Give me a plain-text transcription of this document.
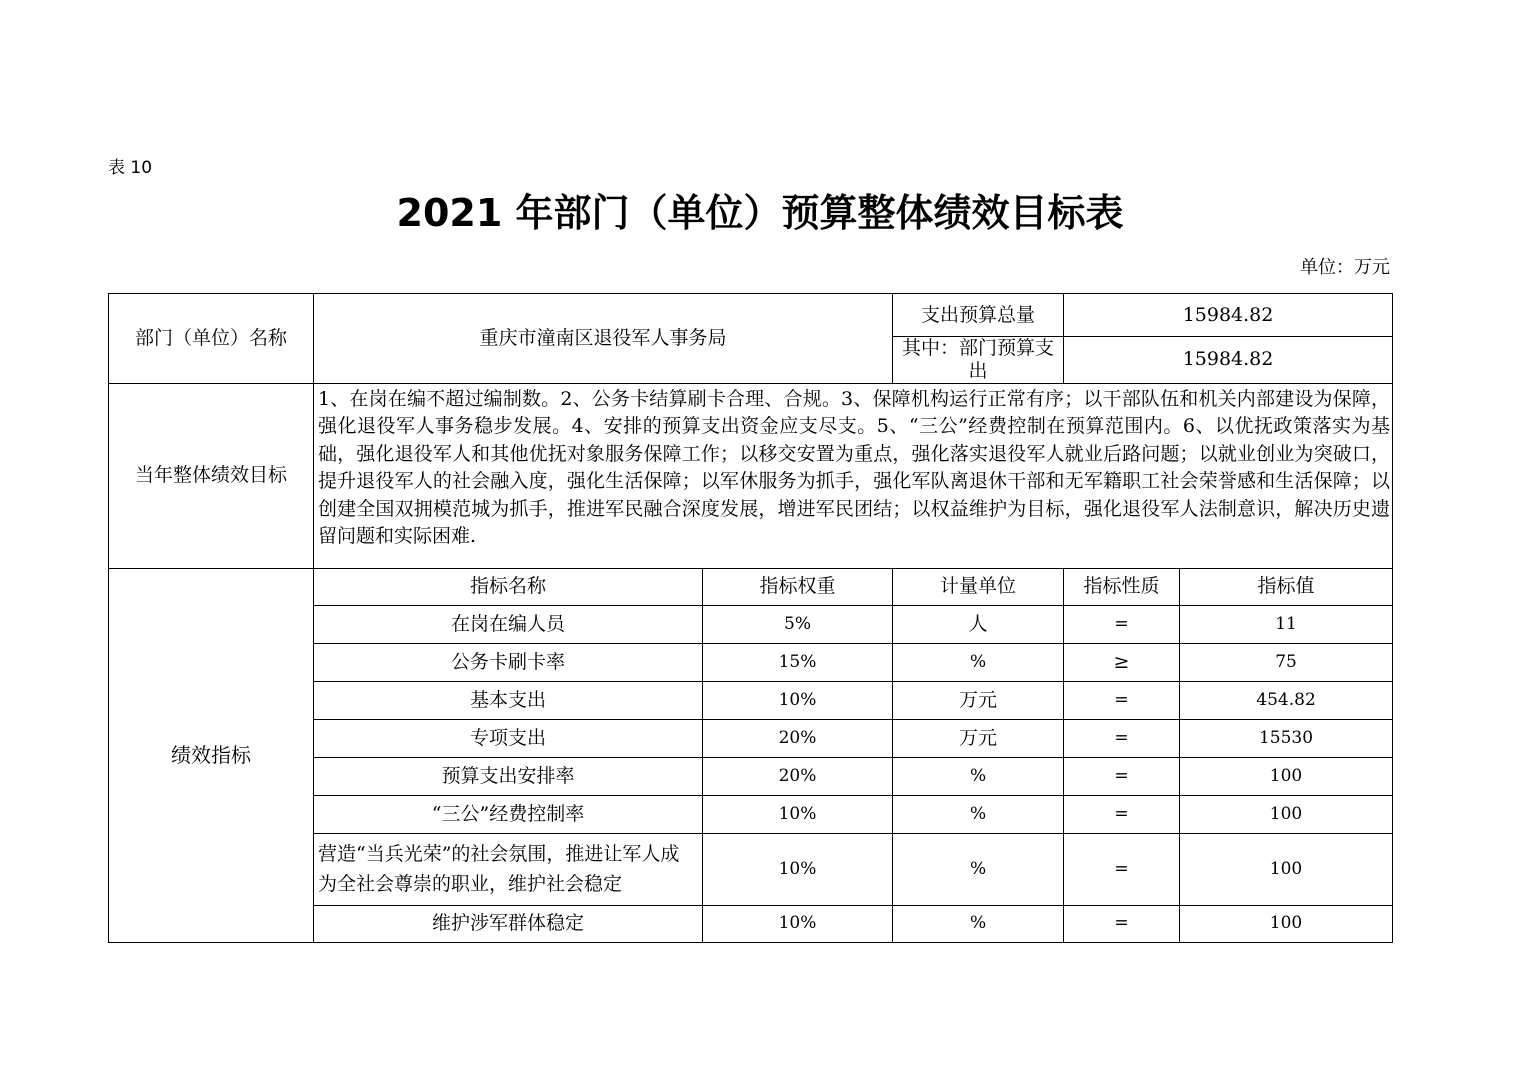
表 10
2021 年部门（单位）预算整体绩效目标表
单位：万元
部门（单位）名称	重庆市潼南区退役军人事务局		支出预算总量	15984.82	
			其中：部门预算支出	15984.82	
当年整体绩效目标	1、在岗在编不超过编制数。2、公务卡结算刷卡合理、合规。3、保障机构运行正常有序；以干部队伍和机关内部建设为保障，强化退役军人事务稳步发展。4、安排的预算支出资金应支尽支。5、“三公”经费控制在预算范围内。6、以优抚政策落实为基础，强化退役军人和其他优抚对象服务保障工作；以移交安置为重点，强化落实退役军人就业后路问题；以就业创业为突破口，提升退役军人的社会融入度，强化生活保障；以军休服务为抓手，强化军队离退休干部和无军籍职工社会荣誉感和生活保障；以创建全国双拥模范城为抓手，推进军民融合深度发展，增进军民团结；以权益维护为目标，强化退役军人法制意识，解决历史遗留问题和实际困难.				
绩效指标	指标名称	指标权重	计量单位	指标性质	指标值
	在岗在编人员	5%	人	=	11
	公务卡刷卡率	15%	%	≥	75
	基本支出	10%	万元	=	454.82
	专项支出	20%	万元	=	15530
	预算支出安排率	20%	%	=	100
	“三公”经费控制率	10%	%	=	100
	营造“当兵光荣”的社会氛围，推进让军人成为全社会尊崇的职业，维护社会稳定	10%	%	=	100
	维护涉军群体稳定	10%	%	=	100
